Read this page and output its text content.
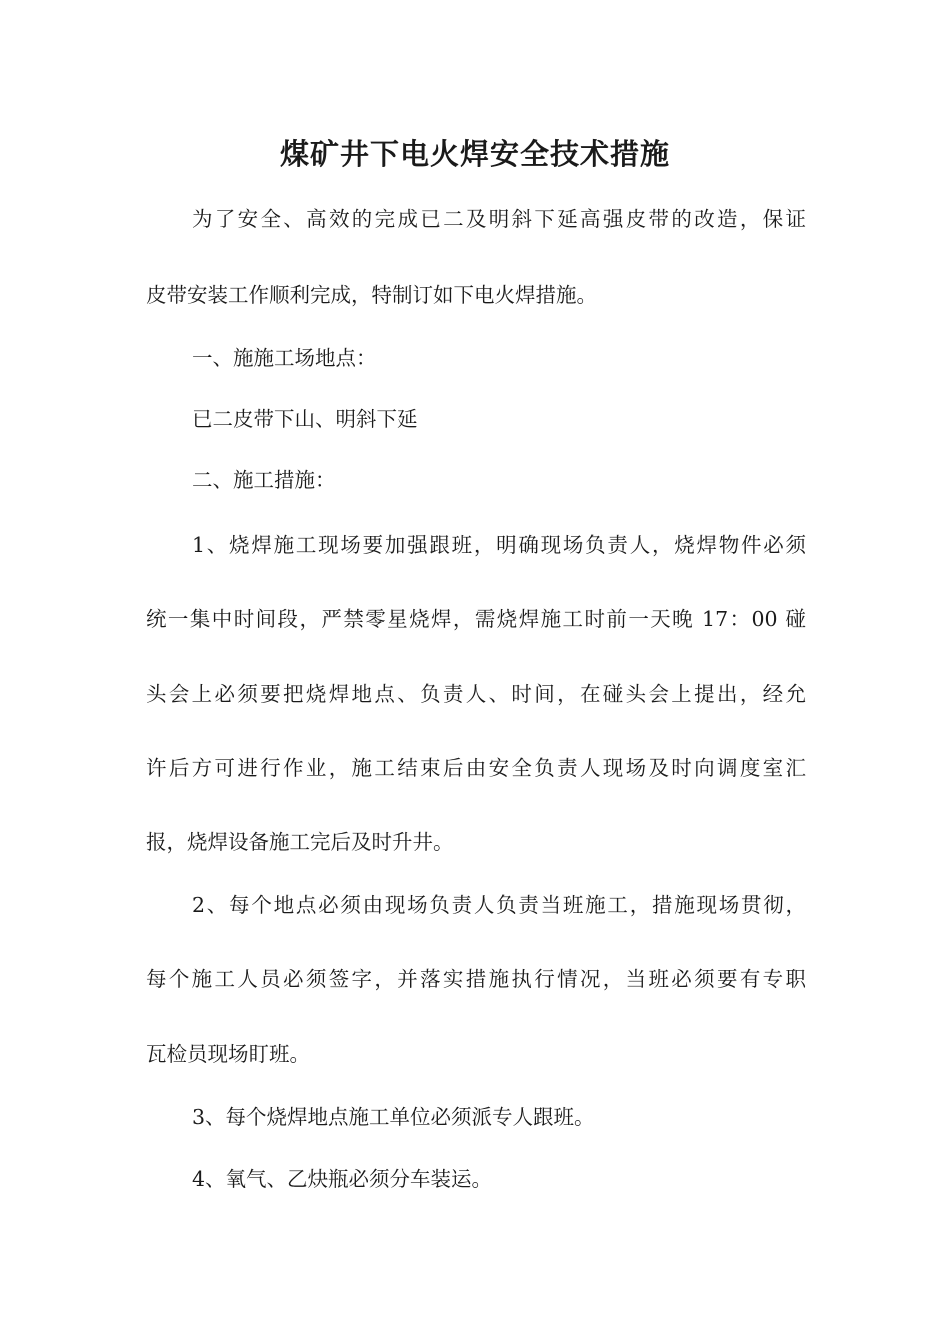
煤矿井下电火焊安全技术措施
为了安全、高效的完成已二及明斜下延高强皮带的改造，保证
皮带安装工作顺利完成，特制订如下电火焊措施。
一、施施工场地点：
已二皮带下山、明斜下延
二、施工措施：
1、烧焊施工现场要加强跟班，明确现场负责人，烧焊物件必须
统一集中时间段，严禁零星烧焊，需烧焊施工时前一天晚 17：00 碰
头会上必须要把烧焊地点、负责人、时间，在碰头会上提出，经允
许后方可进行作业，施工结束后由安全负责人现场及时向调度室汇
报，烧焊设备施工完后及时升井。
2、每个地点必须由现场负责人负责当班施工，措施现场贯彻，
每个施工人员必须签字，并落实措施执行情况，当班必须要有专职
瓦检员现场盯班。
3、每个烧焊地点施工单位必须派专人跟班。
4、氧气、乙炔瓶必须分车装运。
